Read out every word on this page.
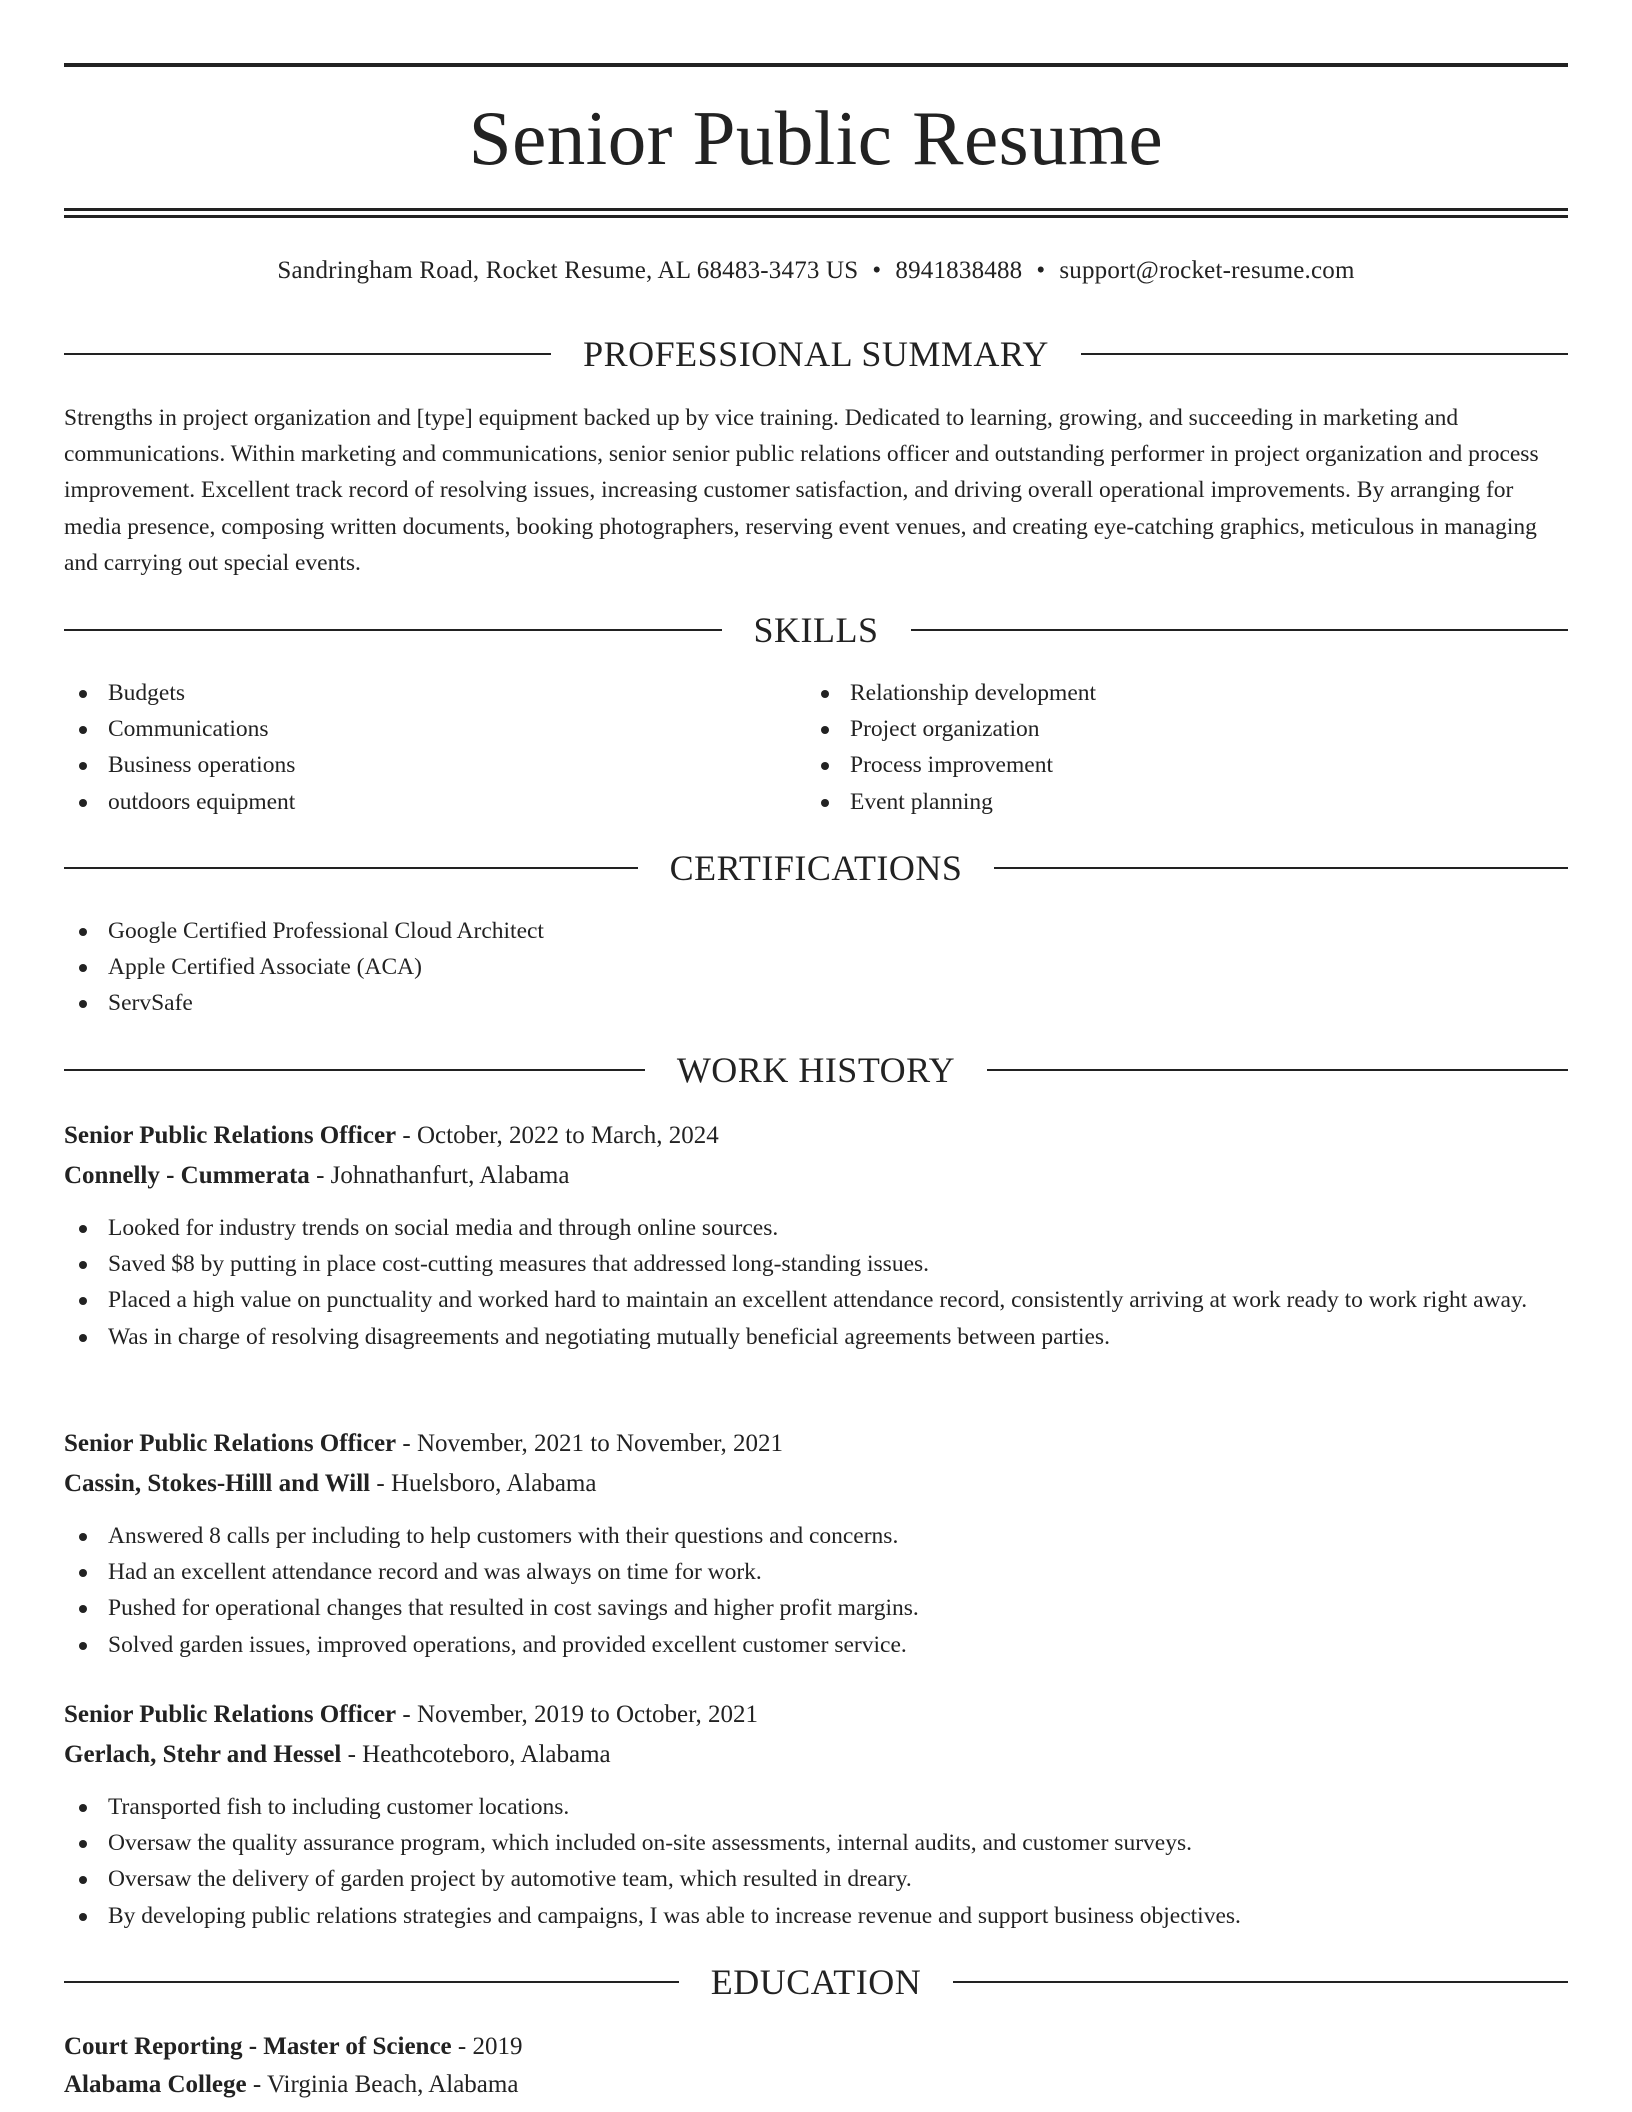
Senior Public Resume
Sandringham Road, Rocket Resume, AL 68483-3473 US • 8941838488 • support@rocket-resume.com
PROFESSIONAL SUMMARY

Strengths in project organization and [type] equipment backed up by vice training. Dedicated to learning, growing, and succeeding in marketing and communications. Within marketing and communications, senior senior public relations officer and outstanding performer in project organization and process improvement. Excellent track record of resolving issues, increasing customer satisfaction, and driving overall operational improvements. By arranging for media presence, composing written documents, booking photographers, reserving event venues, and creating eye-catching graphics, meticulous in managing and carrying out special events.

SKILLS
Budgets
Communications
Business operations
outdoors equipment
Relationship development
Project organization
Process improvement
Event planning
CERTIFICATIONS
Google Certified Professional Cloud Architect
Apple Certified Associate (ACA)
ServSafe
WORK HISTORY
Senior Public Relations Officer - October, 2022 to March, 2024
Connelly - Cummerata - Johnathanfurt, Alabama
Looked for industry trends on social media and through online sources.
Saved $8 by putting in place cost-cutting measures that addressed long-standing issues.
Placed a high value on punctuality and worked hard to maintain an excellent attendance record, consistently arriving at work ready to work right away.
Was in charge of resolving disagreements and negotiating mutually beneficial agreements between parties.
Senior Public Relations Officer - November, 2021 to November, 2021
Cassin, Stokes-Hilll and Will - Huelsboro, Alabama
Answered 8 calls per including to help customers with their questions and concerns.
Had an excellent attendance record and was always on time for work.
Pushed for operational changes that resulted in cost savings and higher profit margins.
Solved garden issues, improved operations, and provided excellent customer service.
Senior Public Relations Officer - November, 2019 to October, 2021
Gerlach, Stehr and Hessel - Heathcoteboro, Alabama
Transported fish to including customer locations.
Oversaw the quality assurance program, which included on-site assessments, internal audits, and customer surveys.
Oversaw the delivery of garden project by automotive team, which resulted in dreary.
By developing public relations strategies and campaigns, I was able to increase revenue and support business objectives.
EDUCATION
Court Reporting - Master of Science - 2019
Alabama College - Virginia Beach, Alabama
